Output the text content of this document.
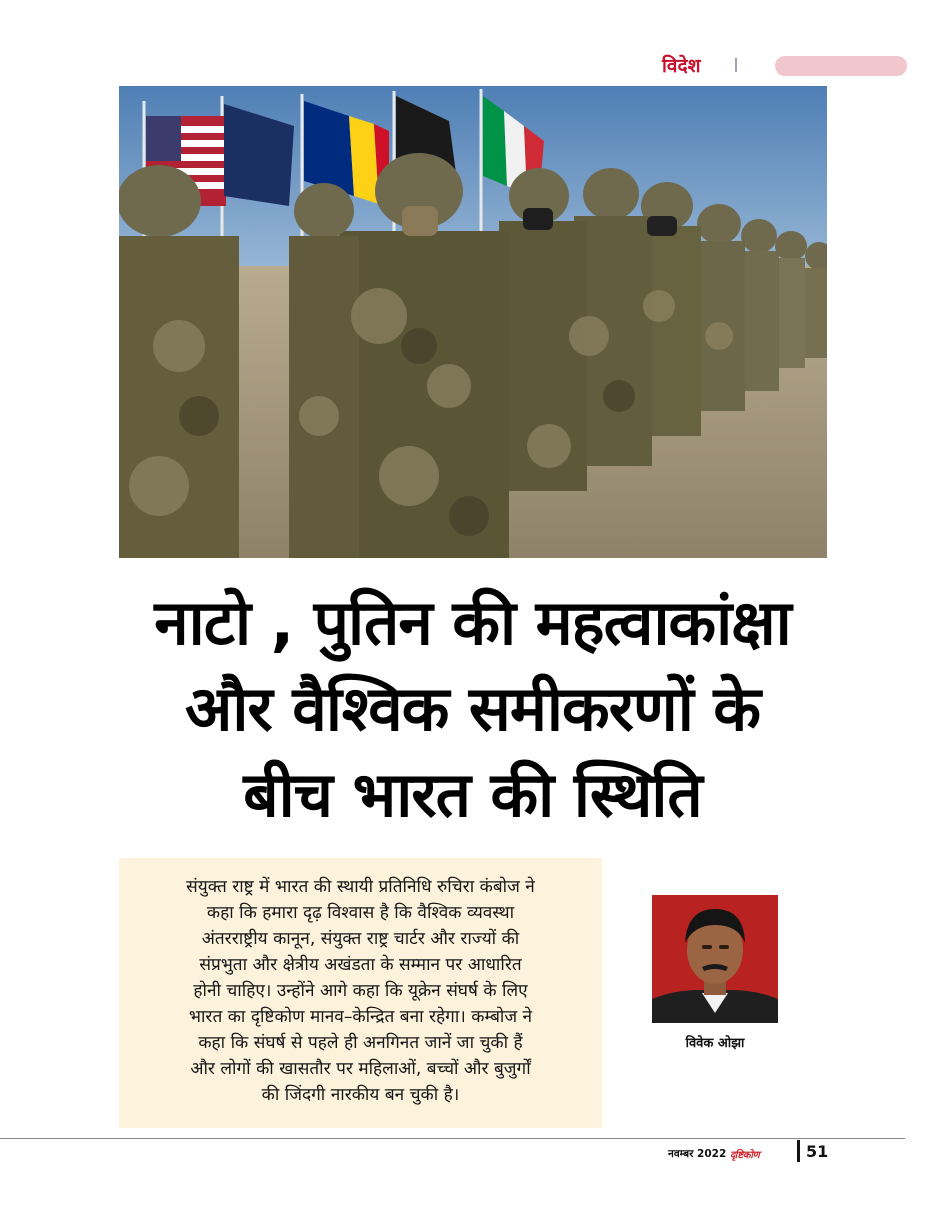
विदेश
नाटो , पुतिन की महत्वाकांक्षा
और वैश्विक समीकरणों के
बीच भारत की स्थिति
संयुक्त राष्ट्र में भारत की स्थायी प्रतिनिधि रुचिरा कंबोज ने
कहा कि हमारा दृढ़ विश्वास है कि वैश्विक व्यवस्था
अंतरराष्ट्रीय कानून, संयुक्त राष्ट्र चार्टर और राज्यों की
संप्रभुता और क्षेत्रीय अखंडता के सम्मान पर आधारित
होनी चाहिए। उन्होंने आगे कहा कि यूक्रेन संघर्ष के लिए
भारत का दृष्टिकोण मानव–केन्द्रित बना रहेगा। कम्बोज ने
कहा कि संघर्ष से पहले ही अनगिनत जानें जा चुकी हैं
और लोगों की खासतौर पर महिलाओं, बच्चों और बुजुर्गों
की जिंदगी नारकीय बन चुकी है।
विवेक ओझा
नवम्बर 2022 दृष्टिकोण	51
